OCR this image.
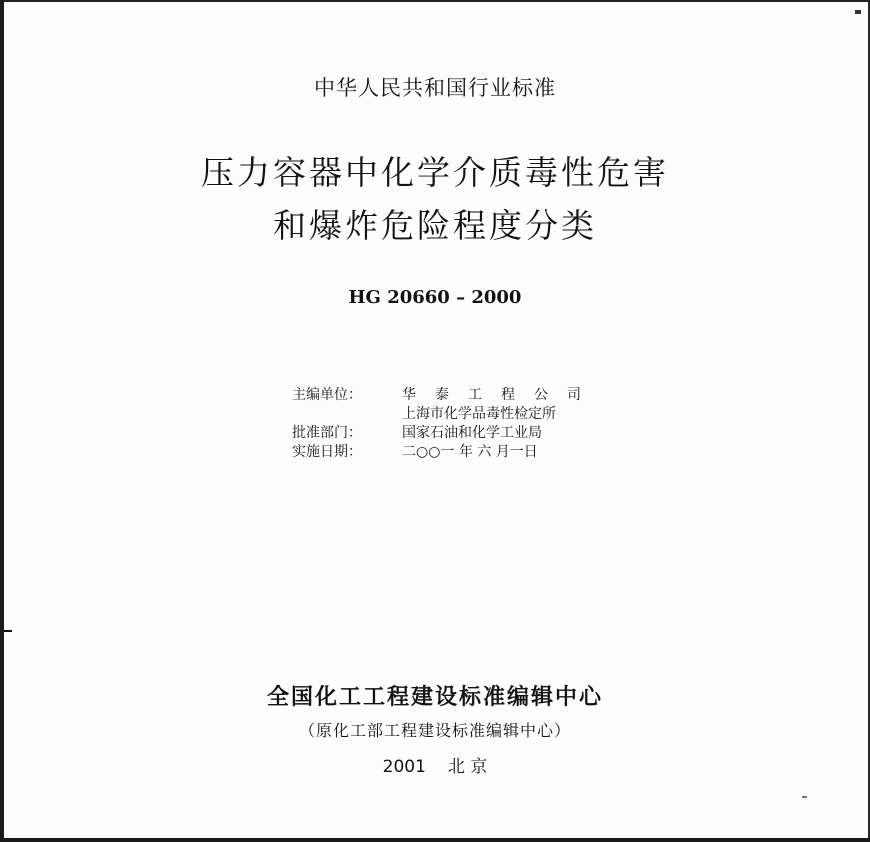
中华人民共和国行业标准
压力容器中化学介质毒性危害
和爆炸危险程度分类
HG 20660 – 2000
主编单位：	华泰工程公司
上海市化学品毒性检定所
批准部门：	国家石油和化学工业局
实施日期：	二○○一 年 六 月一日
全国化工工程建设标准编辑中心
（原化工部工程建设标准编辑中心）
2001 北 京
